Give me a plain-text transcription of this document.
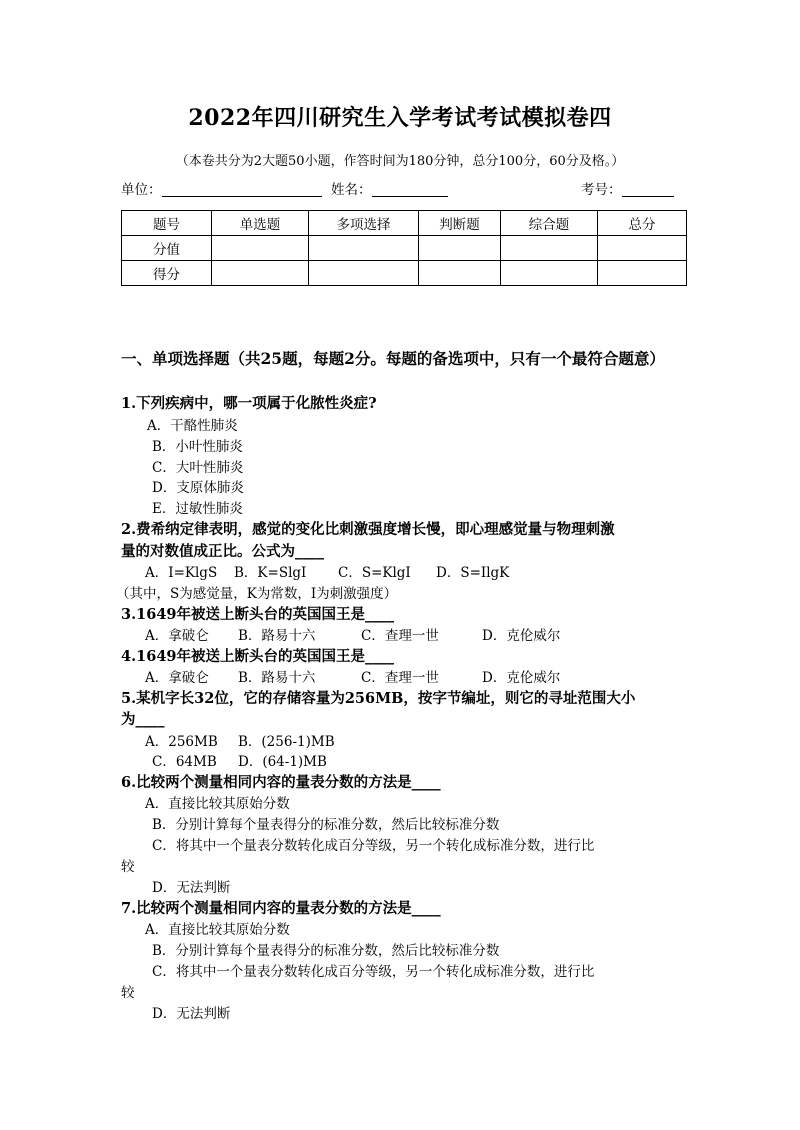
2022年四川研究生入学考试考试模拟卷四
（本卷共分为2大题50小题，作答时间为180分钟，总分100分，60分及格。）
单位：	姓名：	考号：
题号	单选题	多项选择	判断题	综合题	总分
分值					
得分					
一、单项选择题（共25题，每题2分。每题的备选项中，只有一个最符合题意）
1.下列疾病中，哪一项属于化脓性炎症?
A．干酪性肺炎
B．小叶性肺炎
C．大叶性肺炎
D．支原体肺炎
E．过敏性肺炎
2.费希纳定律表明，感觉的变化比刺激强度增长慢，即心理感觉量与物理刺激
量的对数值成正比。公式为____
A．I=KlgS B．K=SlgI C．S=KlgI D．S=IlgK
（其中，S为感觉量，K为常数，I为刺激强度）
3.1649年被送上断头台的英国国王是____
A．拿破仑 B．路易十六	C．查理一世	D．克伦威尔
4.1649年被送上断头台的英国国王是____
A．拿破仑 B．路易十六	C．查理一世	D．克伦威尔
5.某机字长32位，它的存储容量为256MB，按字节编址，则它的寻址范围大小
为____
A．256MB B．(256-1)MB
C．64MB D．(64-1)MB
6.比较两个测量相同内容的量表分数的方法是____
A．直接比较其原始分数
B．分别计算每个量表得分的标准分数，然后比较标准分数
C．将其中一个量表分数转化成百分等级，另一个转化成标准分数，进行比
较
D．无法判断
7.比较两个测量相同内容的量表分数的方法是____
A．直接比较其原始分数
B．分别计算每个量表得分的标准分数，然后比较标准分数
C．将其中一个量表分数转化成百分等级，另一个转化成标准分数，进行比
较
D．无法判断
